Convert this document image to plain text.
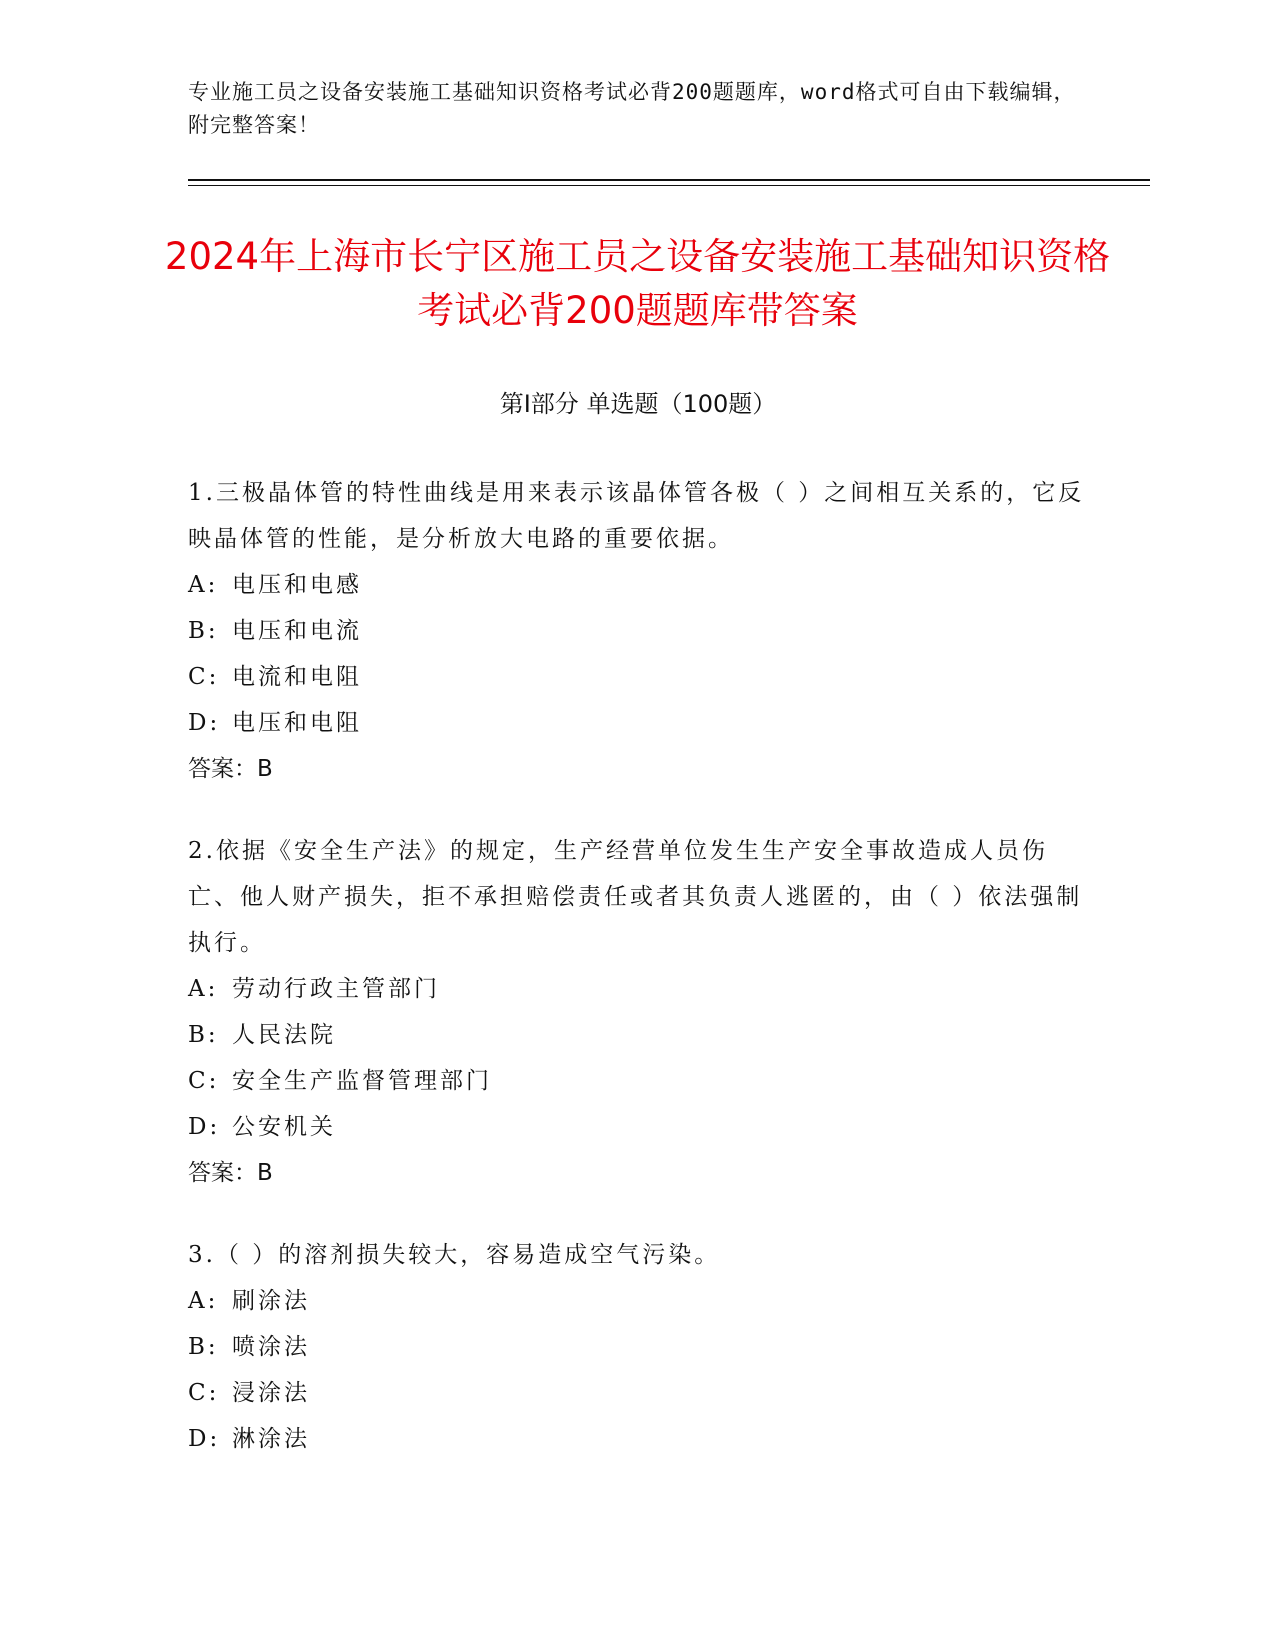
专业施工员之设备安装施工基础知识资格考试必背200题题库，word格式可自由下载编辑，附完整答案！
2024年上海市长宁区施工员之设备安装施工基础知识资格考试必背200题题库带答案
第I部分 单选题（100题）

1.三极晶体管的特性曲线是用来表示该晶体管各极（ ）之间相互关系的，它反映晶体管的性能，是分析放大电路的重要依据。

A: 电压和电感
B: 电压和电流
C: 电流和电阻
D: 电压和电阻
答案：B

2.依据《安全生产法》的规定，生产经营单位发生生产安全事故造成人员伤亡、他人财产损失，拒不承担赔偿责任或者其负责人逃匿的，由（ ）依法强制执行。

A: 劳动行政主管部门
B: 人民法院
C: 安全生产监督管理部门
D: 公安机关
答案：B

3.（ ）的溶剂损失较大，容易造成空气污染。

A: 刷涂法
B: 喷涂法
C: 浸涂法
D: 淋涂法
